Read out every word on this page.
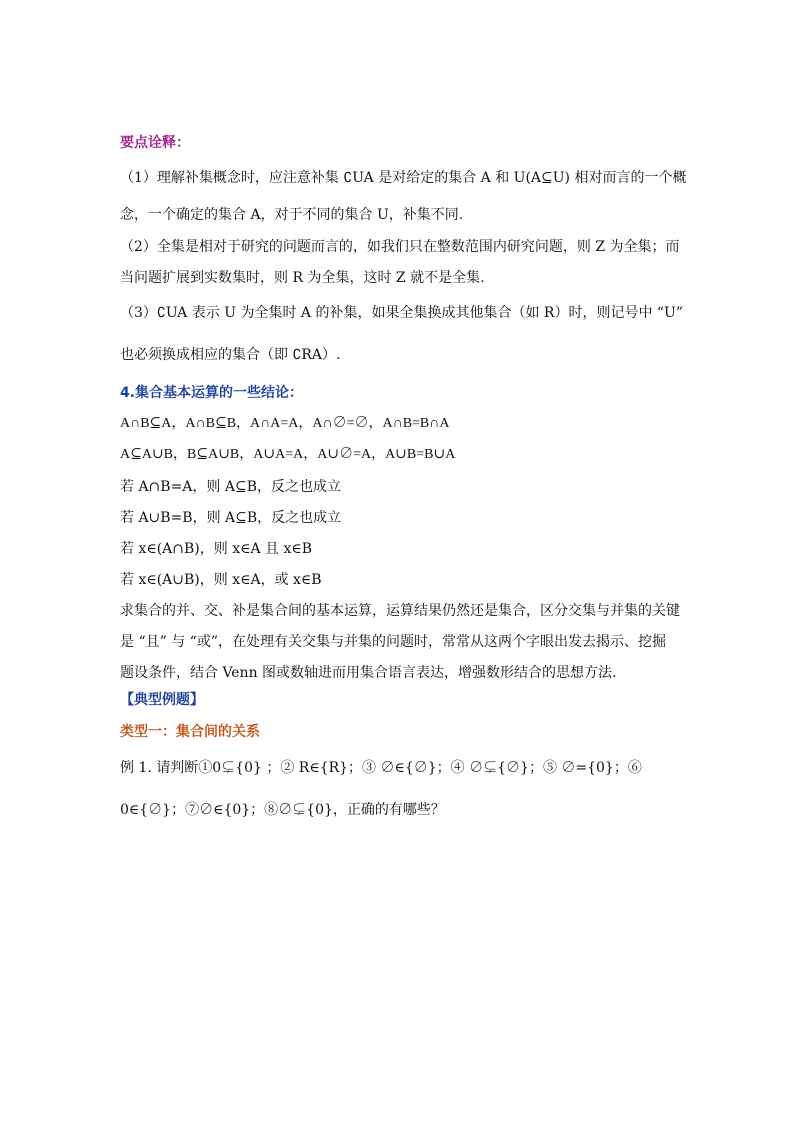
要点诠释：
（1）理解补集概念时，应注意补集 ∁UA 是对给定的集合 A 和 U(A⊆U) 相对而言的一个概
念，一个确定的集合 A，对于不同的集合 U，补集不同.
（2）全集是相对于研究的问题而言的，如我们只在整数范围内研究问题，则 Z 为全集；而
当问题扩展到实数集时，则 R 为全集，这时 Z 就不是全集.
（3）∁UA 表示 U 为全集时 A 的补集，如果全集换成其他集合（如 R）时，则记号中 “U”
也必须换成相应的集合（即 ∁RA）.
4.集合基本运算的一些结论：
A∩B⊆A，A∩B⊆B，A∩A=A，A∩∅=∅，A∩B=B∩A
A⊆A∪B，B⊆A∪B，A∪A=A，A∪∅=A，A∪B=B∪A
若 A∩B=A，则 A⊆B，反之也成立
若 A∪B=B，则 A⊆B，反之也成立
若 x∈(A∩B)，则 x∈A 且 x∈B
若 x∈(A∪B)，则 x∈A，或 x∈B
求集合的并、交、补是集合间的基本运算，运算结果仍然还是集合，区分交集与并集的关键
是 “且” 与 “或”，在处理有关交集与并集的问题时，常常从这两个字眼出发去揭示、挖掘
题设条件，结合 Venn 图或数轴进而用集合语言表达，增强数形结合的思想方法.
【典型例题】
类型一：集合间的关系
例 1. 请判断①0⊊{0} ；② R∈{R}；③ ∅∈{∅}；④ ∅⊊{∅}；⑤ ∅={0}；⑥
0∈{∅}；⑦∅∈{0}；⑧∅⊊{0}，正确的有哪些？
